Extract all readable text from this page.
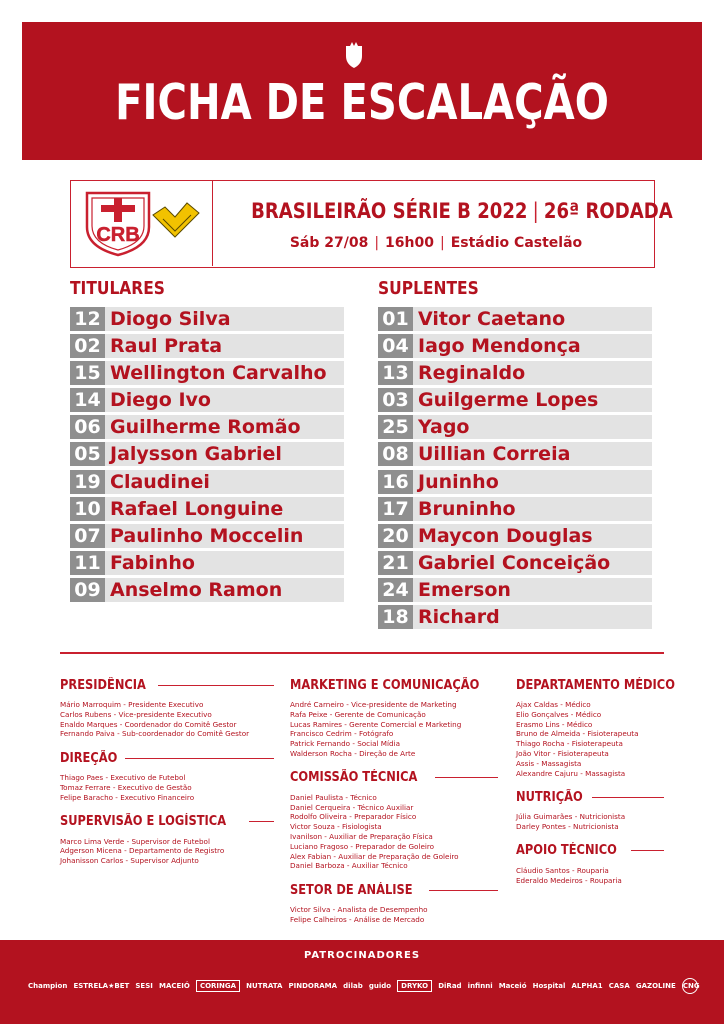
FICHA DE ESCALAÇÃO
CRB
BRASILEIRÃO SÉRIE B 2022 | 26ª RODADA
Sáb 27/08 | 16h00 | Estádio Castelão
TITULARES
12 Diogo Silva
02 Raul Prata
15 Wellington Carvalho
14 Diego Ivo
06 Guilherme Romão
05 Jalysson Gabriel
19 Claudinei
10 Rafael Longuine
07 Paulinho Moccelin
11 Fabinho
09 Anselmo Ramon
SUPLENTES
01 Vitor Caetano
04 Iago Mendonça
13 Reginaldo
03 Guilgerme Lopes
25 Yago
08 Uillian Correia
16 Juninho
17 Bruninho
20 Maycon Douglas
21 Gabriel Conceição
24 Emerson
18 Richard
PRESIDÊNCIA
Mário Marroquim - Presidente Executivo
Carlos Rubens - Vice-presidente Executivo
Enaldo Marques - Coordenador do Comitê Gestor
Fernando Paiva - Sub-coordenador do Comitê Gestor
DIREÇÃO
Thiago Paes - Executivo de Futebol
Tomaz Ferrare - Executivo de Gestão
Felipe Baracho - Executivo Financeiro
SUPERVISÃO E LOGÍSTICA
Marco Lima Verde - Supervisor de Futebol
Adgerson Micena - Departamento de Registro
Johanisson Carlos - Supervisor Adjunto
MARKETING E COMUNICAÇÃO
André Carneiro - Vice-presidente de Marketing
Rafa Peixe - Gerente de Comunicação
Lucas Ramires - Gerente Comercial e Marketing
Francisco Cedrim - Fotógrafo
Patrick Fernando - Social Mídia
Walderson Rocha - Direção de Arte
COMISSÃO TÉCNICA
Daniel Paulista - Técnico
Daniel Cerqueira - Técnico Auxiliar
Rodolfo Oliveira - Preparador Físico
Victor Souza - Fisiologista
Ivanilson - Auxiliar de Preparação Física
Luciano Fragoso - Preparador de Goleiro
Alex Fabian - Auxiliar de Preparação de Goleiro
Daniel Barboza - Auxiliar Técnico
SETOR DE ANÁLISE
Victor Silva - Analista de Desempenho
Felipe Calheiros - Análise de Mercado
DEPARTAMENTO MÉDICO
Ajax Caldas - Médico
Elio Gonçalves - Médico
Erasmo Lins - Médico
Bruno de Almeida - Fisioterapeuta
Thiago Rocha - Fisioterapeuta
João Vitor - Fisioterapeuta
Assis - Massagista
Alexandre Cajuru - Massagista
NUTRIÇÃO
Júlia Guimarães - Nutricionista
Darley Pontes - Nutricionista
APOIO TÉCNICO
Cláudio Santos - Rouparia
Ederaldo Medeiros - Rouparia
PATROCINADORES
Champion ESTRELA★BET SESI MACEIÓ	CORINGA	NUTRATA PINDORAMA dilab guido	DRYKO	DiRad infinni Maceió Hospital ALPHA1 CASA GAZOLINE CNG
